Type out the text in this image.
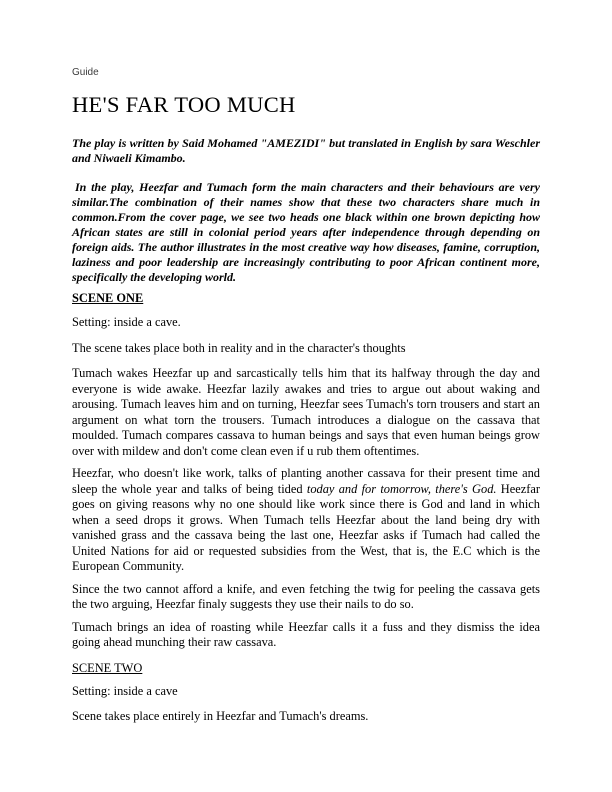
Guide
HE'S FAR TOO MUCH

The play is written by Said Mohamed "AMEZIDI" but translated in English by sara Weschler and Niwaeli Kimambo.

In the play, Heezfar and Tumach form the main characters and their behaviours are very similar.The combination of their names show that these two characters share much in common.From the cover page, we see two heads one black within one brown depicting how African states are still in colonial period years after independence through depending on foreign aids. The author illustrates in the most creative way how diseases, famine, corruption, laziness and poor leadership are increasingly contributing to poor African continent more, specifically the developing world.

SCENE ONE

Setting: inside a cave.

The scene takes place both in reality and in the character's thoughts

Tumach wakes Heezfar up and sarcastically tells him that its halfway through the day and everyone is wide awake. Heezfar lazily awakes and tries to argue out about waking and arousing. Tumach leaves him and on turning, Heezfar sees Tumach's torn trousers and start an argument on what torn the trousers. Tumach introduces a dialogue on the cassava that moulded. Tumach compares cassava to human beings and says that even human beings grow over with mildew and don't come clean even if u rub them oftentimes.

Heezfar, who doesn't like work, talks of planting another cassava for their present time and sleep the whole year and talks of being tided today and for tomorrow, there's God. Heezfar goes on giving reasons why no one should like work since there is God and land in which when a seed drops it grows. When Tumach tells Heezfar about the land being dry with vanished grass and the cassava being the last one, Heezfar asks if Tumach had called the United Nations for aid or requested subsidies from the West, that is, the E.C which is the European Community.

Since the two cannot afford a knife, and even fetching the twig for peeling the cassava gets the two arguing, Heezfar finaly suggests they use their nails to do so.

Tumach brings an idea of roasting while Heezfar calls it a fuss and they dismiss the idea going ahead munching their raw cassava.

SCENE TWO

Setting: inside a cave

Scene takes place entirely in Heezfar and Tumach's dreams.
